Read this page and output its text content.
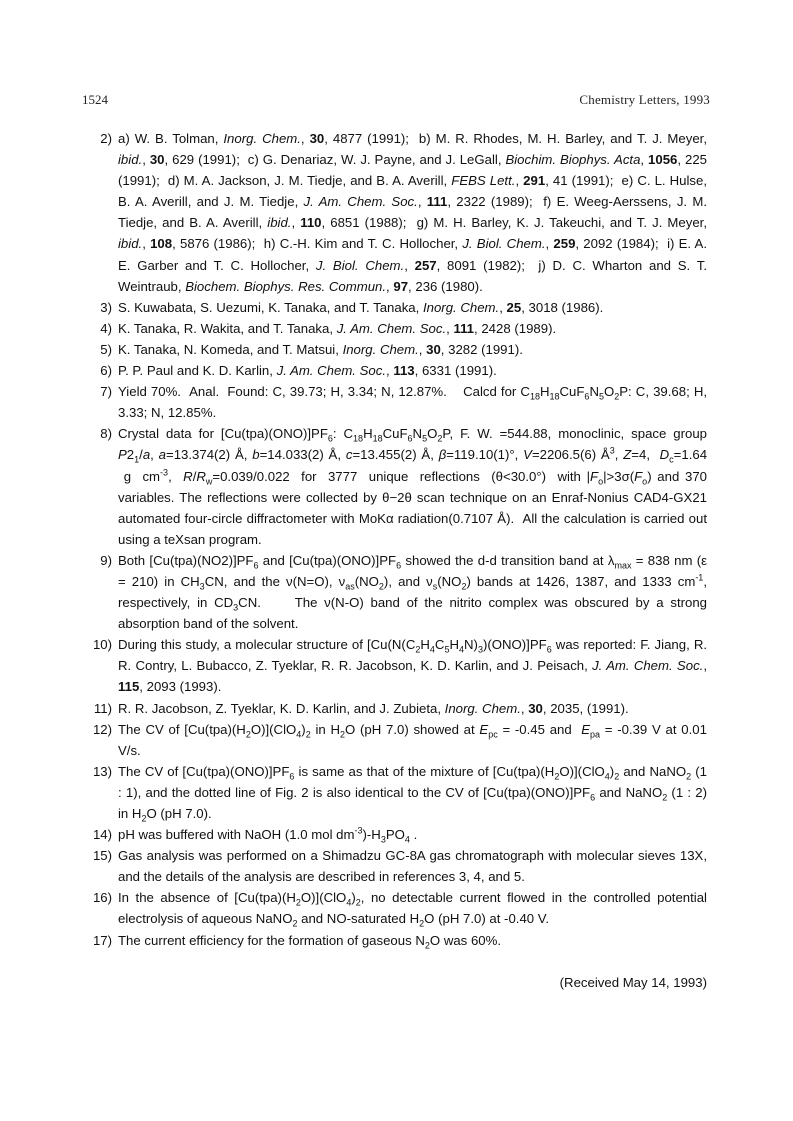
1524	Chemistry Letters, 1993
2) a) W. B. Tolman, Inorg. Chem., 30, 4877 (1991);  b) M. R. Rhodes, M. H. Barley, and T. J. Meyer, ibid., 30, 629 (1991);  c) G. Denariaz, W. J. Payne, and J. LeGall, Biochim. Biophys. Acta, 1056, 225 (1991);  d) M. A. Jackson, J. M. Tiedje, and B. A. Averill, FEBS Lett., 291, 41 (1991);  e) C. L. Hulse, B. A. Averill, and J. M. Tiedje, J. Am. Chem. Soc., 111, 2322 (1989);  f) E. Weeg-Aerssens, J. M. Tiedje, and B. A. Averill, ibid., 110, 6851 (1988);  g) M. H. Barley, K. J. Takeuchi, and T. J. Meyer, ibid., 108, 5876 (1986);  h) C.-H. Kim and T. C. Hollocher, J. Biol. Chem., 259, 2092 (1984);  i) E. A. E. Garber and T. C. Hollocher, J. Biol. Chem., 257, 8091 (1982);  j) D. C. Wharton and S. T. Weintraub, Biochem. Biophys. Res. Commun., 97, 236 (1980).
3) S. Kuwabata, S. Uezumi, K. Tanaka, and T. Tanaka, Inorg. Chem., 25, 3018 (1986).
4) K. Tanaka, R. Wakita, and T. Tanaka, J. Am. Chem. Soc., 111, 2428 (1989).
5) K. Tanaka, N. Komeda, and T. Matsui, Inorg. Chem., 30, 3282 (1991).
6) P. P. Paul and K. D. Karlin, J. Am. Chem. Soc., 113, 6331 (1991).
7) Yield 70%.  Anal.  Found: C, 39.73; H, 3.34; N, 12.87%.    Calcd for $C_{18}H_{18}CuF_6N_5O_2P$: C, 39.68; H, 3.33; N, 12.85%.
8) Crystal data for $[Cu(tpa)(ONO)]PF_6$: $C_{18}H_{18}CuF_6N_5O_2P$, F. W. =544.88, monoclinic, space group $P2_1/a$, a=13.374(2) Å, b=14.033(2) Å, c=13.455(2) Å, β=119.10(1)°, V=2206.5(6) $Å^3$, Z=4,  $D_c=1.64$  g  $cm^{-3}$,  $R/R_w=0.039/0.022$  for  3777  unique  reflections  (θ<30.0°)  with $|F_o|>3\sigma(F_o)$ and 370 variables. The reflections were collected by θ−2θ scan technique on an Enraf-Nonius CAD4-GX21 automated four-circle diffractometer with MoKα radiation(0.7107 Å).  All the calculation is carried out using a teXsan program.
9) Both $[Cu(tpa)(NO2)]PF_6$ and $[Cu(tpa)(ONO)]PF_6$ showed the d-d transition band at $\lambda_{max} = 838$ nm (ε = 210) in $CH_3CN$, and the ν(N=O), $\nu_{as}(NO_2)$, and $\nu_s(NO_2)$ bands at 1426, 1387, and 1333 $cm^{-1}$, respectively, in $CD_3CN$.     The ν(N-O) band of the nitrito complex was obscured by a strong absorption band of the solvent.
10) During this study, a molecular structure of $[Cu(N(C_2H_4C_5H_4N)_3)(ONO)]PF_6$ was reported: F. Jiang, R. R. Contry, L. Bubacco, Z. Tyeklar, R. R. Jacobson, K. D. Karlin, and J. Peisach, J. Am. Chem. Soc., 115, 2093 (1993).
11) R. R. Jacobson, Z. Tyeklar, K. D. Karlin, and J. Zubieta, Inorg. Chem., 30, 2035, (1991).
12) The CV of $[Cu(tpa)(H_2O)](ClO_4)_2$ in $H_2O$ (pH 7.0) showed at $E_{pc} = -0.45$ and  $E_{pa} = -0.39$ V at 0.01 V/s.
13) The CV of $[Cu(tpa)(ONO)]PF_6$ is same as that of the mixture of $[Cu(tpa)(H_2O)](ClO_4)_2$ and NaNO$_2$ (1 : 1), and the dotted line of Fig. 2 is also identical to the CV of $[Cu(tpa)(ONO)]PF_6$ and NaNO$_2$ (1 : 2) in $H_2O$ (pH 7.0).
14) pH was buffered with NaOH (1.0 mol $dm^{-3})-H_3PO_4$ .
15) Gas analysis was performed on a Shimadzu GC-8A gas chromatograph with molecular sieves 13X, and the details of the analysis are described in references 3, 4, and 5.
16) In the absence of $[Cu(tpa)(H_2O)](ClO_4)_2$, no detectable current flowed in the controlled potential electrolysis of aqueous NaNO$_2$ and NO-saturated $H_2O$ (pH 7.0) at -0.40 V.
17) The current efficiency for the formation of gaseous $N_2O$ was 60%.
(Received May 14, 1993)
